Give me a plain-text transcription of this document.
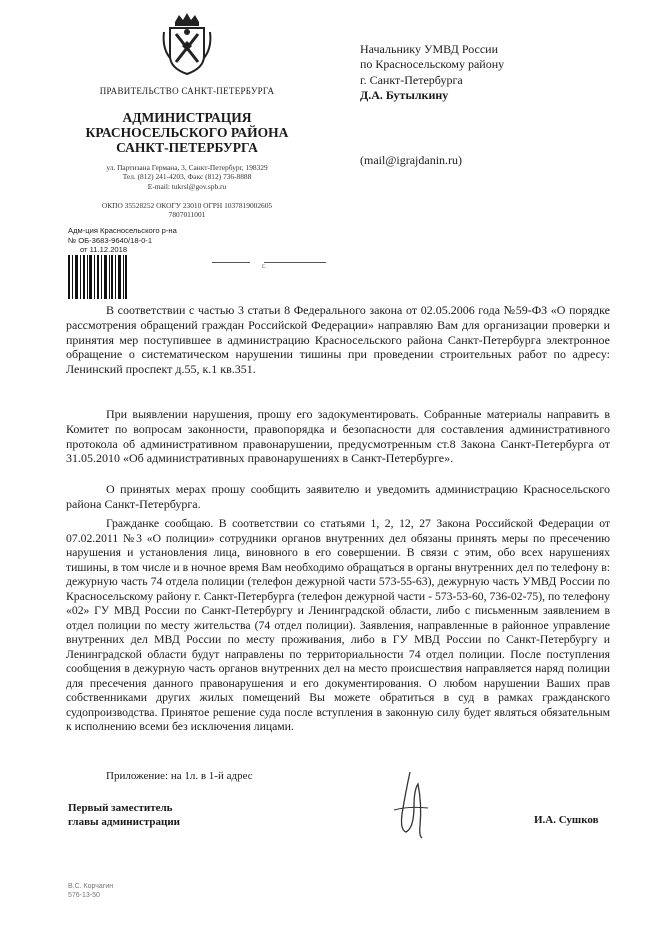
ПРАВИТЕЛЬСТВО САНКТ-ПЕТЕРБУРГА
АДМИНИСТРАЦИЯ
КРАСНОСЕЛЬСКОГО РАЙОНА
САНКТ-ПЕТЕРБУРГА
ул. Партизана Германа, 3, Санкт-Петербург, 198329
Тел. (812) 241-4203, Факс (812) 736-8888
E-mail: tukrsl@gov.spb.ru
ОКПО 35528252 ОКОГУ 23010 ОГРН 1037819002605
7807011001
Адм-ция Красносельского р-на
№ ОБ-3683-9640/18-0-1
от 11.12.2018
г.
Начальнику УМВД России
по Красносельскому району
г. Санкт-Петербурга
Д.А. Бутылкину
(mail@igrajdanin.ru)
В соответствии с частью 3 статьи 8 Федерального закона от 02.05.2006 года №59-ФЗ «О порядке рассмотрения обращений граждан Российской Федерации» направляю Вам для организации проверки и принятия мер поступившее в администрацию Красносельского района Санкт-Петербурга электронное обращение о систематическом нарушении тишины при проведении строительных работ по адресу: Ленинский проспект д.55, к.1 кв.351.
При выявлении нарушения, прошу его задокументировать. Собранные материалы направить в Комитет по вопросам законности, правопорядка и безопасности для составления административного протокола об административном правонарушении, предусмотренным ст.8 Закона Санкт-Петербурга от 31.05.2010 «Об административных правонарушениях в Санкт-Петербурге».
О принятых мерах прошу сообщить заявителю и уведомить администрацию Красносельского района Санкт-Петербурга.
Гражданке сообщаю. В соответствии со статьями 1, 2, 12, 27 Закона Российской Федерации от 07.02.2011 №3 «О полиции» сотрудники органов внутренних дел обязаны принять меры по пресечению нарушения и установления лица, виновного в его совершении. В связи с этим, обо всех нарушениях тишины, в том числе и в ночное время Вам необходимо обращаться в органы внутренних дел по телефону в: дежурную часть 74 отдела полиции (телефон дежурной части 573-55-63), дежурную часть УМВД России по Красносельскому району г. Санкт-Петербурга (телефон дежурной части - 573-53-60, 736-02-75), по телефону «02» ГУ МВД России по Санкт-Петербургу и Ленинградской области, либо с письменным заявлением в отдел полиции по месту жительства (74 отдел полиции). Заявления, направленные в районное управление внутренних дел МВД России по месту проживания, либо в ГУ МВД России по Санкт-Петербургу и Ленинградской области будут направлены по территориальности 74 отдел полиции. После поступления сообщения в дежурную часть органов внутренних дел на место происшествия направляется наряд полиции для пресечения данного правонарушения и его документирования. О любом нарушении Ваших прав собственниками других жилых помещений Вы можете обратиться в суд в рамках гражданского судопроизводства. Принятое решение суда после вступления в законную силу будет являться обязательным к исполнению всеми без исключения лицами.
Приложение: на 1л. в 1-й адрес
Первый заместитель
главы администрации	И.А. Сушков
В.С. Корчагин
576-13-50
